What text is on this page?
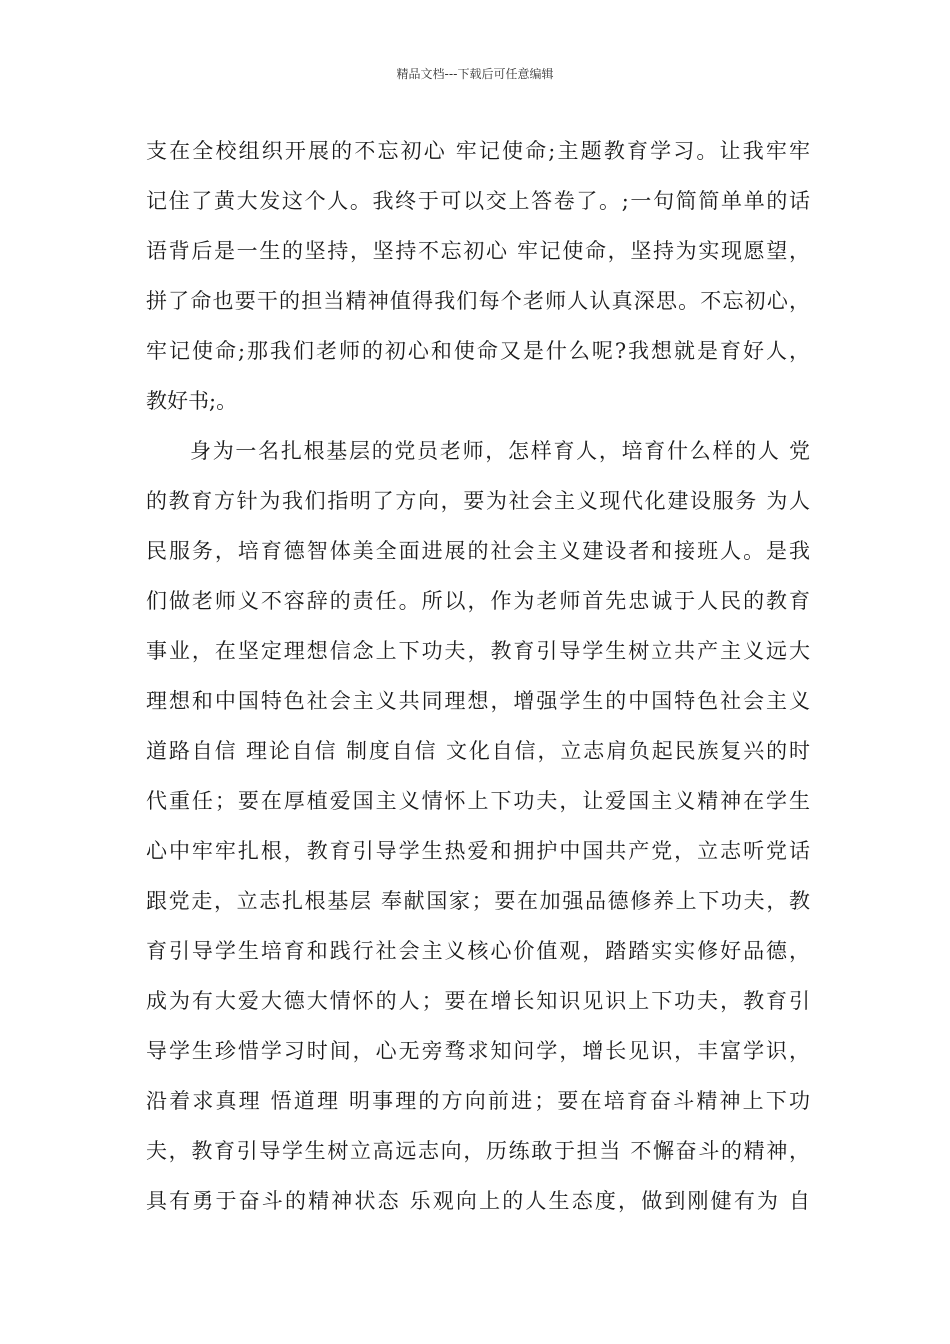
精品文档---下载后可任意编辑
支在全校组织开展的不忘初心 牢记使命;主题教育学习。让我牢牢
记住了黄大发这个人。我终于可以交上答卷了。;一句简简单单的话
语背后是一生的坚持，坚持不忘初心 牢记使命，坚持为实现愿望，
拼了命也要干的担当精神值得我们每个老师人认真深思。不忘初心，
牢记使命;那我们老师的初心和使命又是什么呢?我想就是育好人，
教好书;。
身为一名扎根基层的党员老师，怎样育人，培育什么样的人 党
的教育方针为我们指明了方向，要为社会主义现代化建设服务 为人
民服务，培育德智体美全面进展的社会主义建设者和接班人。是我
们做老师义不容辞的责任。所以，作为老师首先忠诚于人民的教育
事业，在坚定理想信念上下功夫，教育引导学生树立共产主义远大
理想和中国特色社会主义共同理想，增强学生的中国特色社会主义
道路自信 理论自信 制度自信 文化自信，立志肩负起民族复兴的时
代重任；要在厚植爱国主义情怀上下功夫，让爱国主义精神在学生
心中牢牢扎根，教育引导学生热爱和拥护中国共产党，立志听党话
跟党走，立志扎根基层 奉献国家；要在加强品德修养上下功夫，教
育引导学生培育和践行社会主义核心价值观，踏踏实实修好品德，
成为有大爱大德大情怀的人；要在增长知识见识上下功夫，教育引
导学生珍惜学习时间，心无旁骛求知问学，增长见识，丰富学识，
沿着求真理 悟道理 明事理的方向前进；要在培育奋斗精神上下功
夫，教育引导学生树立高远志向，历练敢于担当 不懈奋斗的精神，
具有勇于奋斗的精神状态 乐观向上的人生态度，做到刚健有为 自
